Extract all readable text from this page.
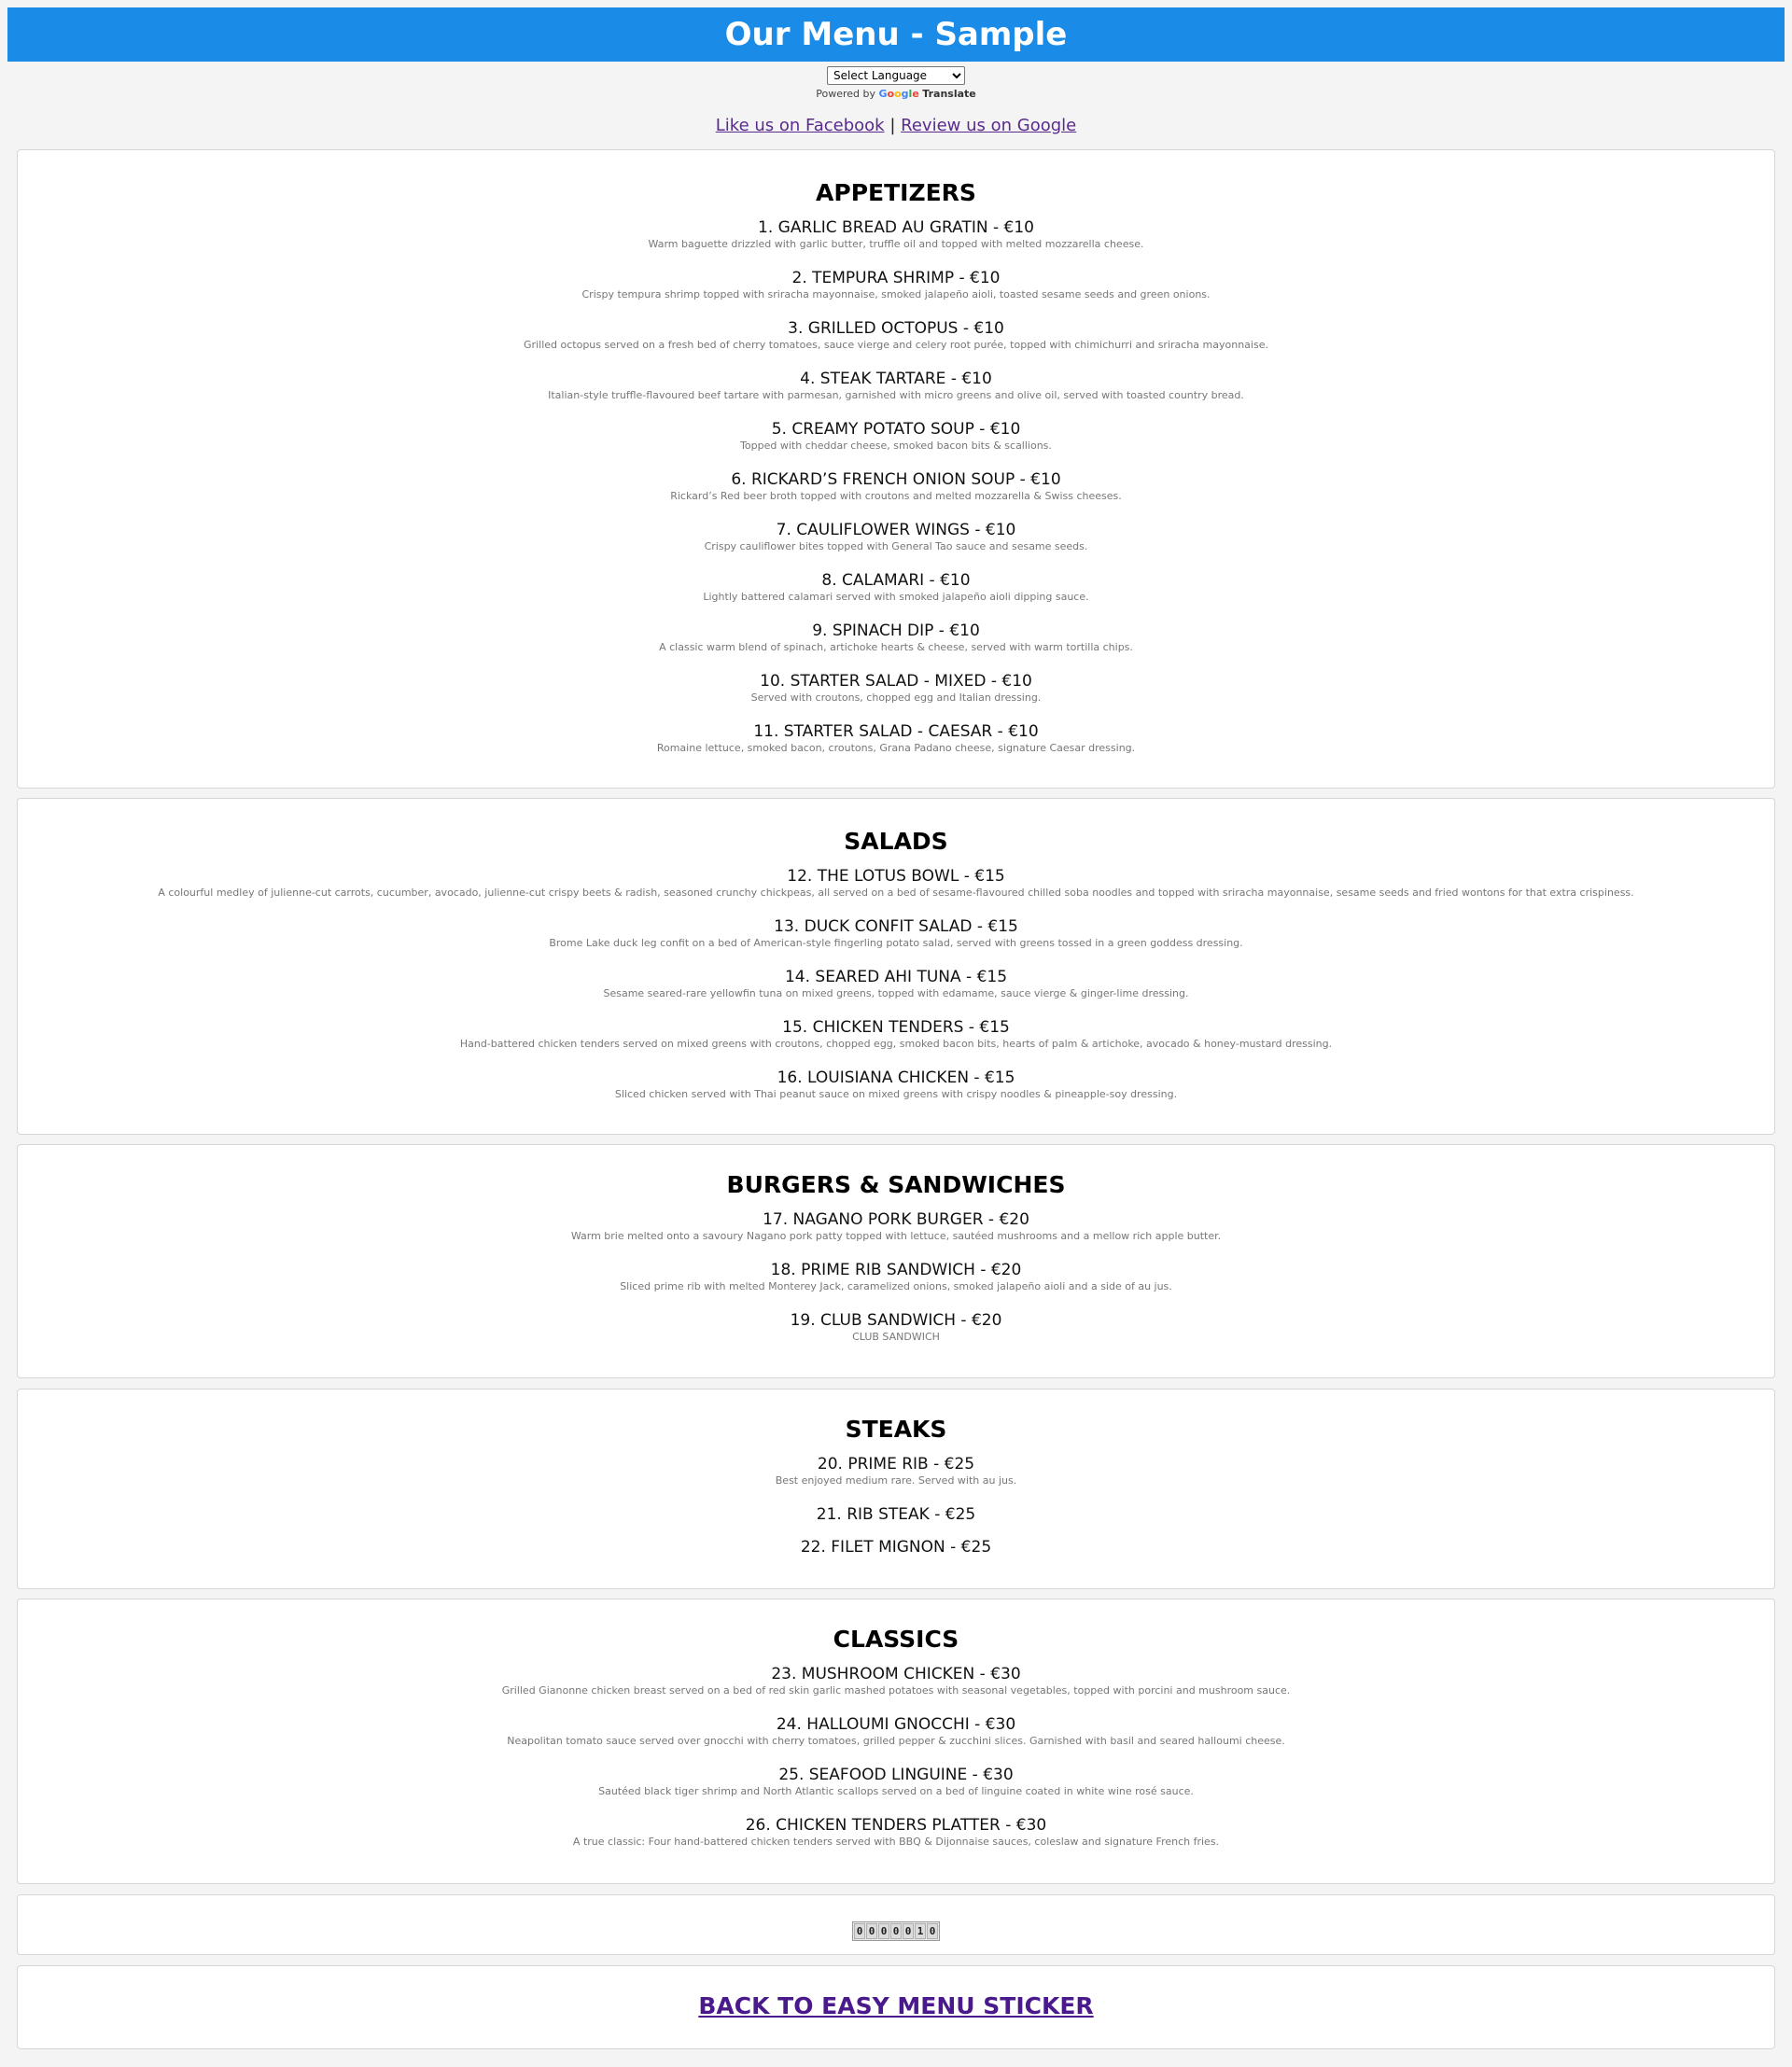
Our Menu - Sample
Select Language
Powered by Google Translate
Like us on Facebook | Review us on Google
APPETIZERS

1. GARLIC BREAD AU GRATIN - €10

Warm baguette drizzled with garlic butter, truffle oil and topped with melted mozzarella cheese.

2. TEMPURA SHRIMP - €10

Crispy tempura shrimp topped with sriracha mayonnaise, smoked jalapeño aioli, toasted sesame seeds and green onions.

3. GRILLED OCTOPUS - €10

Grilled octopus served on a fresh bed of cherry tomatoes, sauce vierge and celery root purée, topped with chimichurri and sriracha mayonnaise.

4. STEAK TARTARE - €10

Italian-style truffle-flavoured beef tartare with parmesan, garnished with micro greens and olive oil, served with toasted country bread.

5. CREAMY POTATO SOUP - €10

Topped with cheddar cheese, smoked bacon bits & scallions.

6. RICKARD’S FRENCH ONION SOUP - €10

Rickard’s Red beer broth topped with croutons and melted mozzarella & Swiss cheeses.

7. CAULIFLOWER WINGS - €10

Crispy cauliflower bites topped with General Tao sauce and sesame seeds.

8. CALAMARI - €10

Lightly battered calamari served with smoked jalapeño aioli dipping sauce.

9. SPINACH DIP - €10

A classic warm blend of spinach, artichoke hearts & cheese, served with warm tortilla chips.

10. STARTER SALAD - MIXED - €10

Served with croutons, chopped egg and Italian dressing.

11. STARTER SALAD - CAESAR - €10

Romaine lettuce, smoked bacon, croutons, Grana Padano cheese, signature Caesar dressing.

SALADS

12. THE LOTUS BOWL - €15

A colourful medley of julienne-cut carrots, cucumber, avocado, julienne-cut crispy beets & radish, seasoned crunchy chickpeas, all served on a bed of sesame-flavoured chilled soba noodles and topped with sriracha mayonnaise, sesame seeds and fried wontons for that extra crispiness.

13. DUCK CONFIT SALAD - €15

Brome Lake duck leg confit on a bed of American-style fingerling potato salad, served with greens tossed in a green goddess dressing.

14. SEARED AHI TUNA - €15

Sesame seared-rare yellowfin tuna on mixed greens, topped with edamame, sauce vierge & ginger-lime dressing.

15. CHICKEN TENDERS - €15

Hand-battered chicken tenders served on mixed greens with croutons, chopped egg, smoked bacon bits, hearts of palm & artichoke, avocado & honey-mustard dressing.

16. LOUISIANA CHICKEN - €15

Sliced chicken served with Thai peanut sauce on mixed greens with crispy noodles & pineapple-soy dressing.

BURGERS & SANDWICHES

17. NAGANO PORK BURGER - €20

Warm brie melted onto a savoury Nagano pork patty topped with lettuce, sautéed mushrooms and a mellow rich apple butter.

18. PRIME RIB SANDWICH - €20

Sliced prime rib with melted Monterey Jack, caramelized onions, smoked jalapeño aioli and a side of au jus.

19. CLUB SANDWICH - €20

CLUB SANDWICH

STEAKS

20. PRIME RIB - €25

Best enjoyed medium rare. Served with au jus.

21. RIB STEAK - €25

22. FILET MIGNON - €25

CLASSICS

23. MUSHROOM CHICKEN - €30

Grilled Gianonne chicken breast served on a bed of red skin garlic mashed potatoes with seasonal vegetables, topped with porcini and mushroom sauce.

24. HALLOUMI GNOCCHI - €30

Neapolitan tomato sauce served over gnocchi with cherry tomatoes, grilled pepper & zucchini slices. Garnished with basil and seared halloumi cheese.

25. SEAFOOD LINGUINE - €30

Sautéed black tiger shrimp and North Atlantic scallops served on a bed of linguine coated in white wine rosé sauce.

26. CHICKEN TENDERS PLATTER - €30

A true classic: Four hand-battered chicken tenders served with BBQ & Dijonnaise sauces, coleslaw and signature French fries.

0 0 0 0 0 1 0
BACK TO EASY MENU STICKER
